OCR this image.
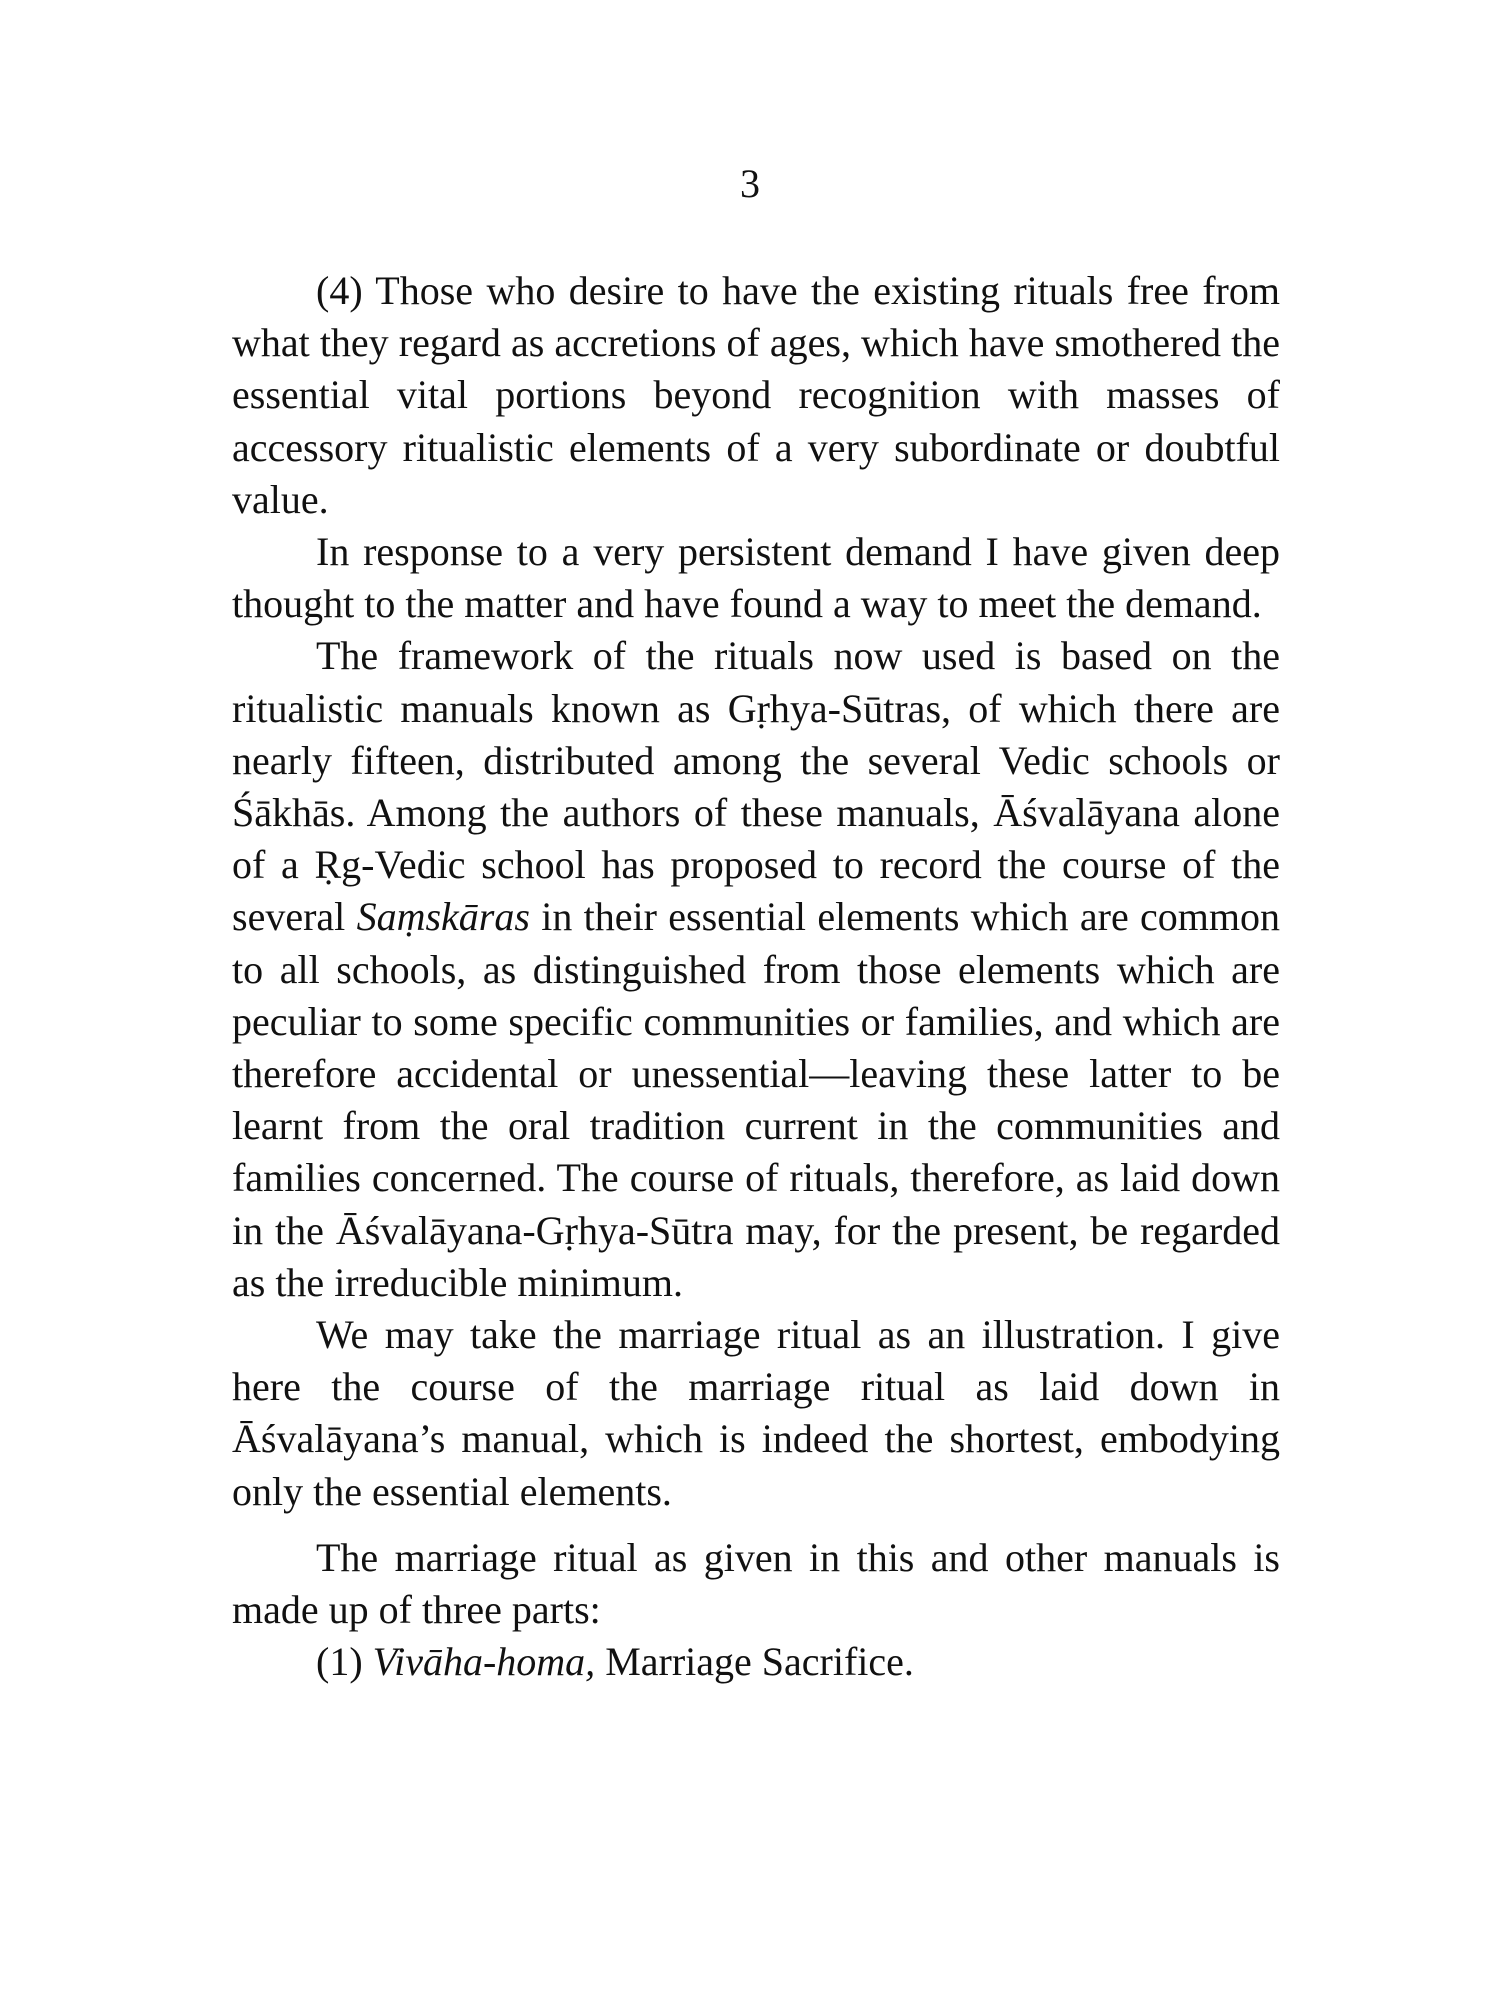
3

(4) Those who desire to have the existing rituals free from what they regard as accretions of ages, which have smothered the essential vital portions beyond recognition with masses of accessory ritualistic elements of a very subordinate or doubtful value.

In response to a very persistent demand I have given deep thought to the matter and have found a way to meet the demand.

The framework of the rituals now used is based on the ritualistic manuals known as Gṛhya-Sūtras, of which there are nearly fifteen, distributed among the several Vedic schools or Śākhās. Among the authors of these manuals, Āśvalāyana alone of a Ṛg-Vedic school has proposed to record the course of the several Saṃskāras in their essential elements which are common to all schools, as distinguished from those elements which are peculiar to some specific communities or families, and which are therefore accidental or unessential—leaving these latter to be learnt from the oral tradition current in the communities and families concerned. The course of rituals, therefore, as laid down in the Āśvalāyana-Gṛhya-Sūtra may, for the present, be regarded as the irreducible minimum.

We may take the marriage ritual as an illustration. I give here the course of the marriage ritual as laid down in Āśvalāyana’s manual, which is indeed the shortest, embodying only the essential elements.

The marriage ritual as given in this and other manuals is made up of three parts:

(1) Vivāha-homa, Marriage Sacrifice.
